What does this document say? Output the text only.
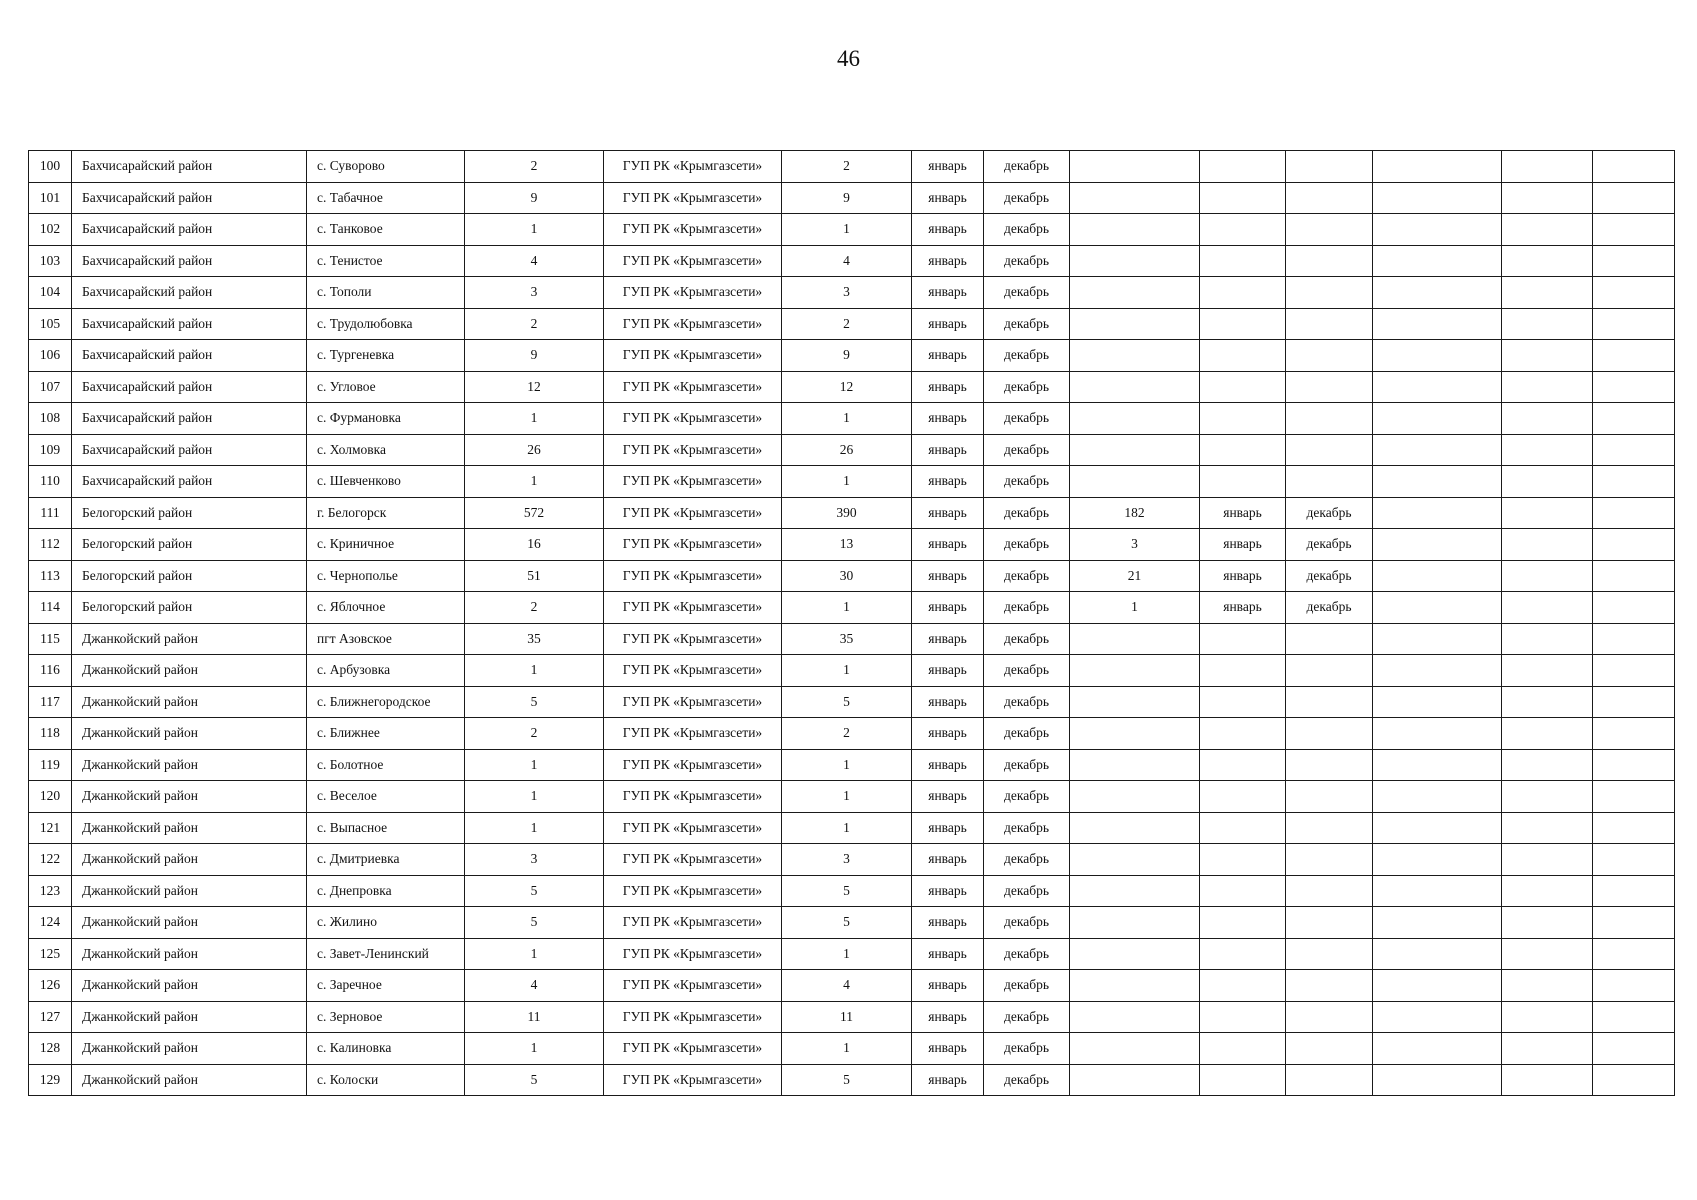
46
100	Бахчисарайский район	с. Суворово	2	ГУП РК «Крымгазсети»	2	январь	декабрь						
101	Бахчисарайский район	с. Табачное	9	ГУП РК «Крымгазсети»	9	январь	декабрь						
102	Бахчисарайский район	с. Танковое	1	ГУП РК «Крымгазсети»	1	январь	декабрь						
103	Бахчисарайский район	с. Тенистое	4	ГУП РК «Крымгазсети»	4	январь	декабрь						
104	Бахчисарайский район	с. Тополи	3	ГУП РК «Крымгазсети»	3	январь	декабрь						
105	Бахчисарайский район	с. Трудолюбовка	2	ГУП РК «Крымгазсети»	2	январь	декабрь						
106	Бахчисарайский район	с. Тургеневка	9	ГУП РК «Крымгазсети»	9	январь	декабрь						
107	Бахчисарайский район	с. Угловое	12	ГУП РК «Крымгазсети»	12	январь	декабрь						
108	Бахчисарайский район	с. Фурмановка	1	ГУП РК «Крымгазсети»	1	январь	декабрь						
109	Бахчисарайский район	с. Холмовка	26	ГУП РК «Крымгазсети»	26	январь	декабрь						
110	Бахчисарайский район	с. Шевченково	1	ГУП РК «Крымгазсети»	1	январь	декабрь						
111	Белогорский район	г. Белогорск	572	ГУП РК «Крымгазсети»	390	январь	декабрь	182	январь	декабрь			
112	Белогорский район	с. Криничное	16	ГУП РК «Крымгазсети»	13	январь	декабрь	3	январь	декабрь			
113	Белогорский район	с. Чернополье	51	ГУП РК «Крымгазсети»	30	январь	декабрь	21	январь	декабрь			
114	Белогорский район	с. Яблочное	2	ГУП РК «Крымгазсети»	1	январь	декабрь	1	январь	декабрь			
115	Джанкойский район	пгт Азовское	35	ГУП РК «Крымгазсети»	35	январь	декабрь						
116	Джанкойский район	с. Арбузовка	1	ГУП РК «Крымгазсети»	1	январь	декабрь						
117	Джанкойский район	с. Ближнегородское	5	ГУП РК «Крымгазсети»	5	январь	декабрь						
118	Джанкойский район	с. Ближнее	2	ГУП РК «Крымгазсети»	2	январь	декабрь						
119	Джанкойский район	с. Болотное	1	ГУП РК «Крымгазсети»	1	январь	декабрь						
120	Джанкойский район	с. Веселое	1	ГУП РК «Крымгазсети»	1	январь	декабрь						
121	Джанкойский район	с. Выпасное	1	ГУП РК «Крымгазсети»	1	январь	декабрь						
122	Джанкойский район	с. Дмитриевка	3	ГУП РК «Крымгазсети»	3	январь	декабрь						
123	Джанкойский район	с. Днепровка	5	ГУП РК «Крымгазсети»	5	январь	декабрь						
124	Джанкойский район	с. Жилино	5	ГУП РК «Крымгазсети»	5	январь	декабрь						
125	Джанкойский район	с. Завет-Ленинский	1	ГУП РК «Крымгазсети»	1	январь	декабрь						
126	Джанкойский район	с. Заречное	4	ГУП РК «Крымгазсети»	4	январь	декабрь						
127	Джанкойский район	с. Зерновое	11	ГУП РК «Крымгазсети»	11	январь	декабрь						
128	Джанкойский район	с. Калиновка	1	ГУП РК «Крымгазсети»	1	январь	декабрь						
129	Джанкойский район	с. Колоски	5	ГУП РК «Крымгазсети»	5	январь	декабрь						
